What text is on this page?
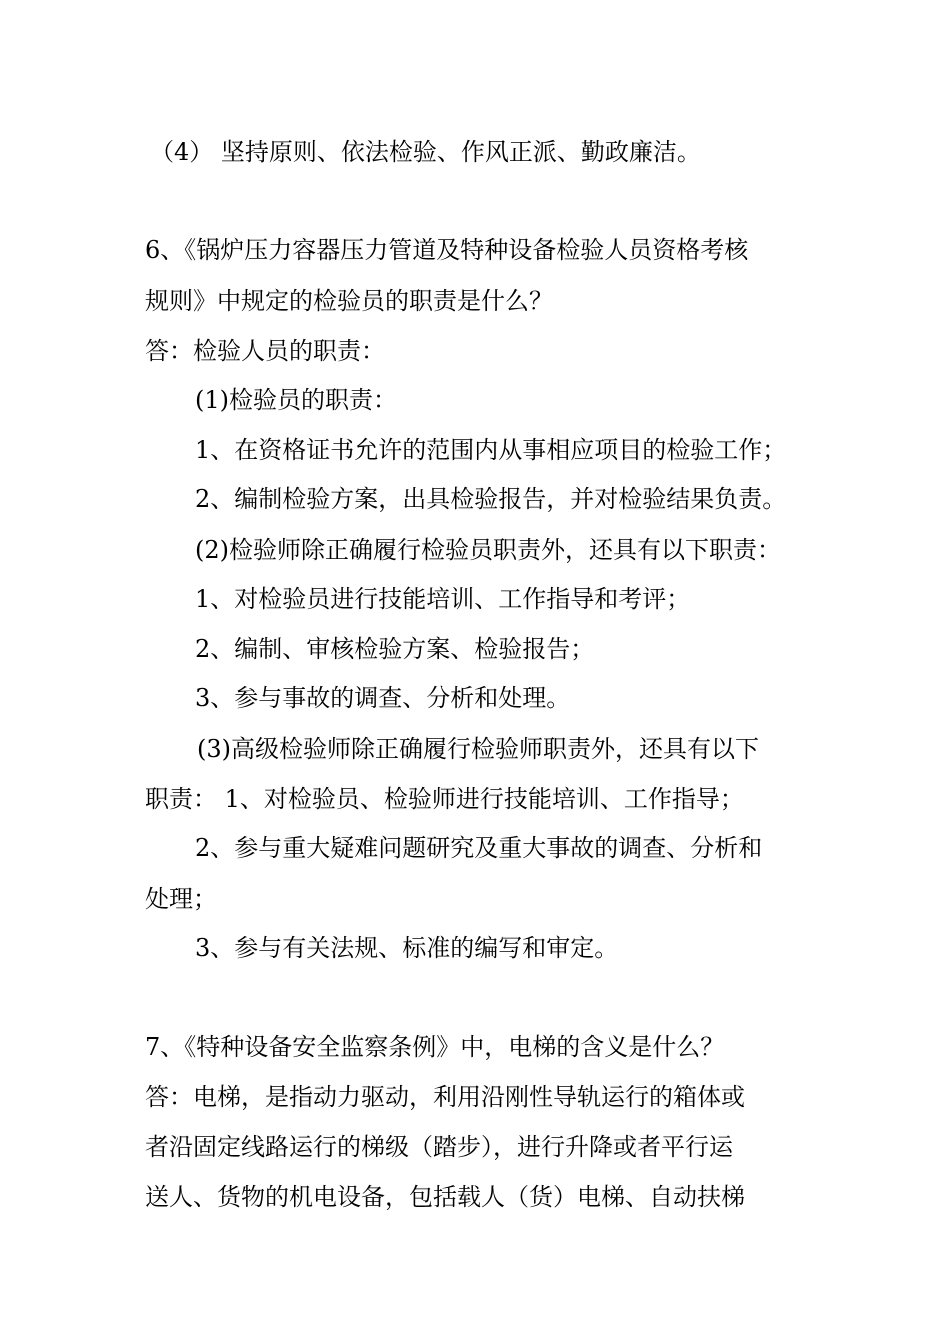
（4） 坚持原则、依法检验、作风正派、勤政廉洁。
6、《锅炉压力容器压力管道及特种设备检验人员资格考核
规则》中规定的检验员的职责是什么？
答：检验人员的职责：
(1)检验员的职责：
1、在资格证书允许的范围内从事相应项目的检验工作；
2、编制检验方案，出具检验报告，并对检验结果负责。
(2)检验师除正确履行检验员职责外，还具有以下职责：
1、对检验员进行技能培训、工作指导和考评；
2、编制、审核检验方案、检验报告；
3、参与事故的调查、分析和处理。
(3)高级检验师除正确履行检验师职责外，还具有以下
职责： 1、对检验员、检验师进行技能培训、工作指导；
2、参与重大疑难问题研究及重大事故的调查、分析和
处理；
3、参与有关法规、标准的编写和审定。
7、《特种设备安全监察条例》中，电梯的含义是什么？
答：电梯，是指动力驱动，利用沿刚性导轨运行的箱体或
者沿固定线路运行的梯级（踏步），进行升降或者平行运
送人、货物的机电设备，包括载人（货）电梯、自动扶梯
